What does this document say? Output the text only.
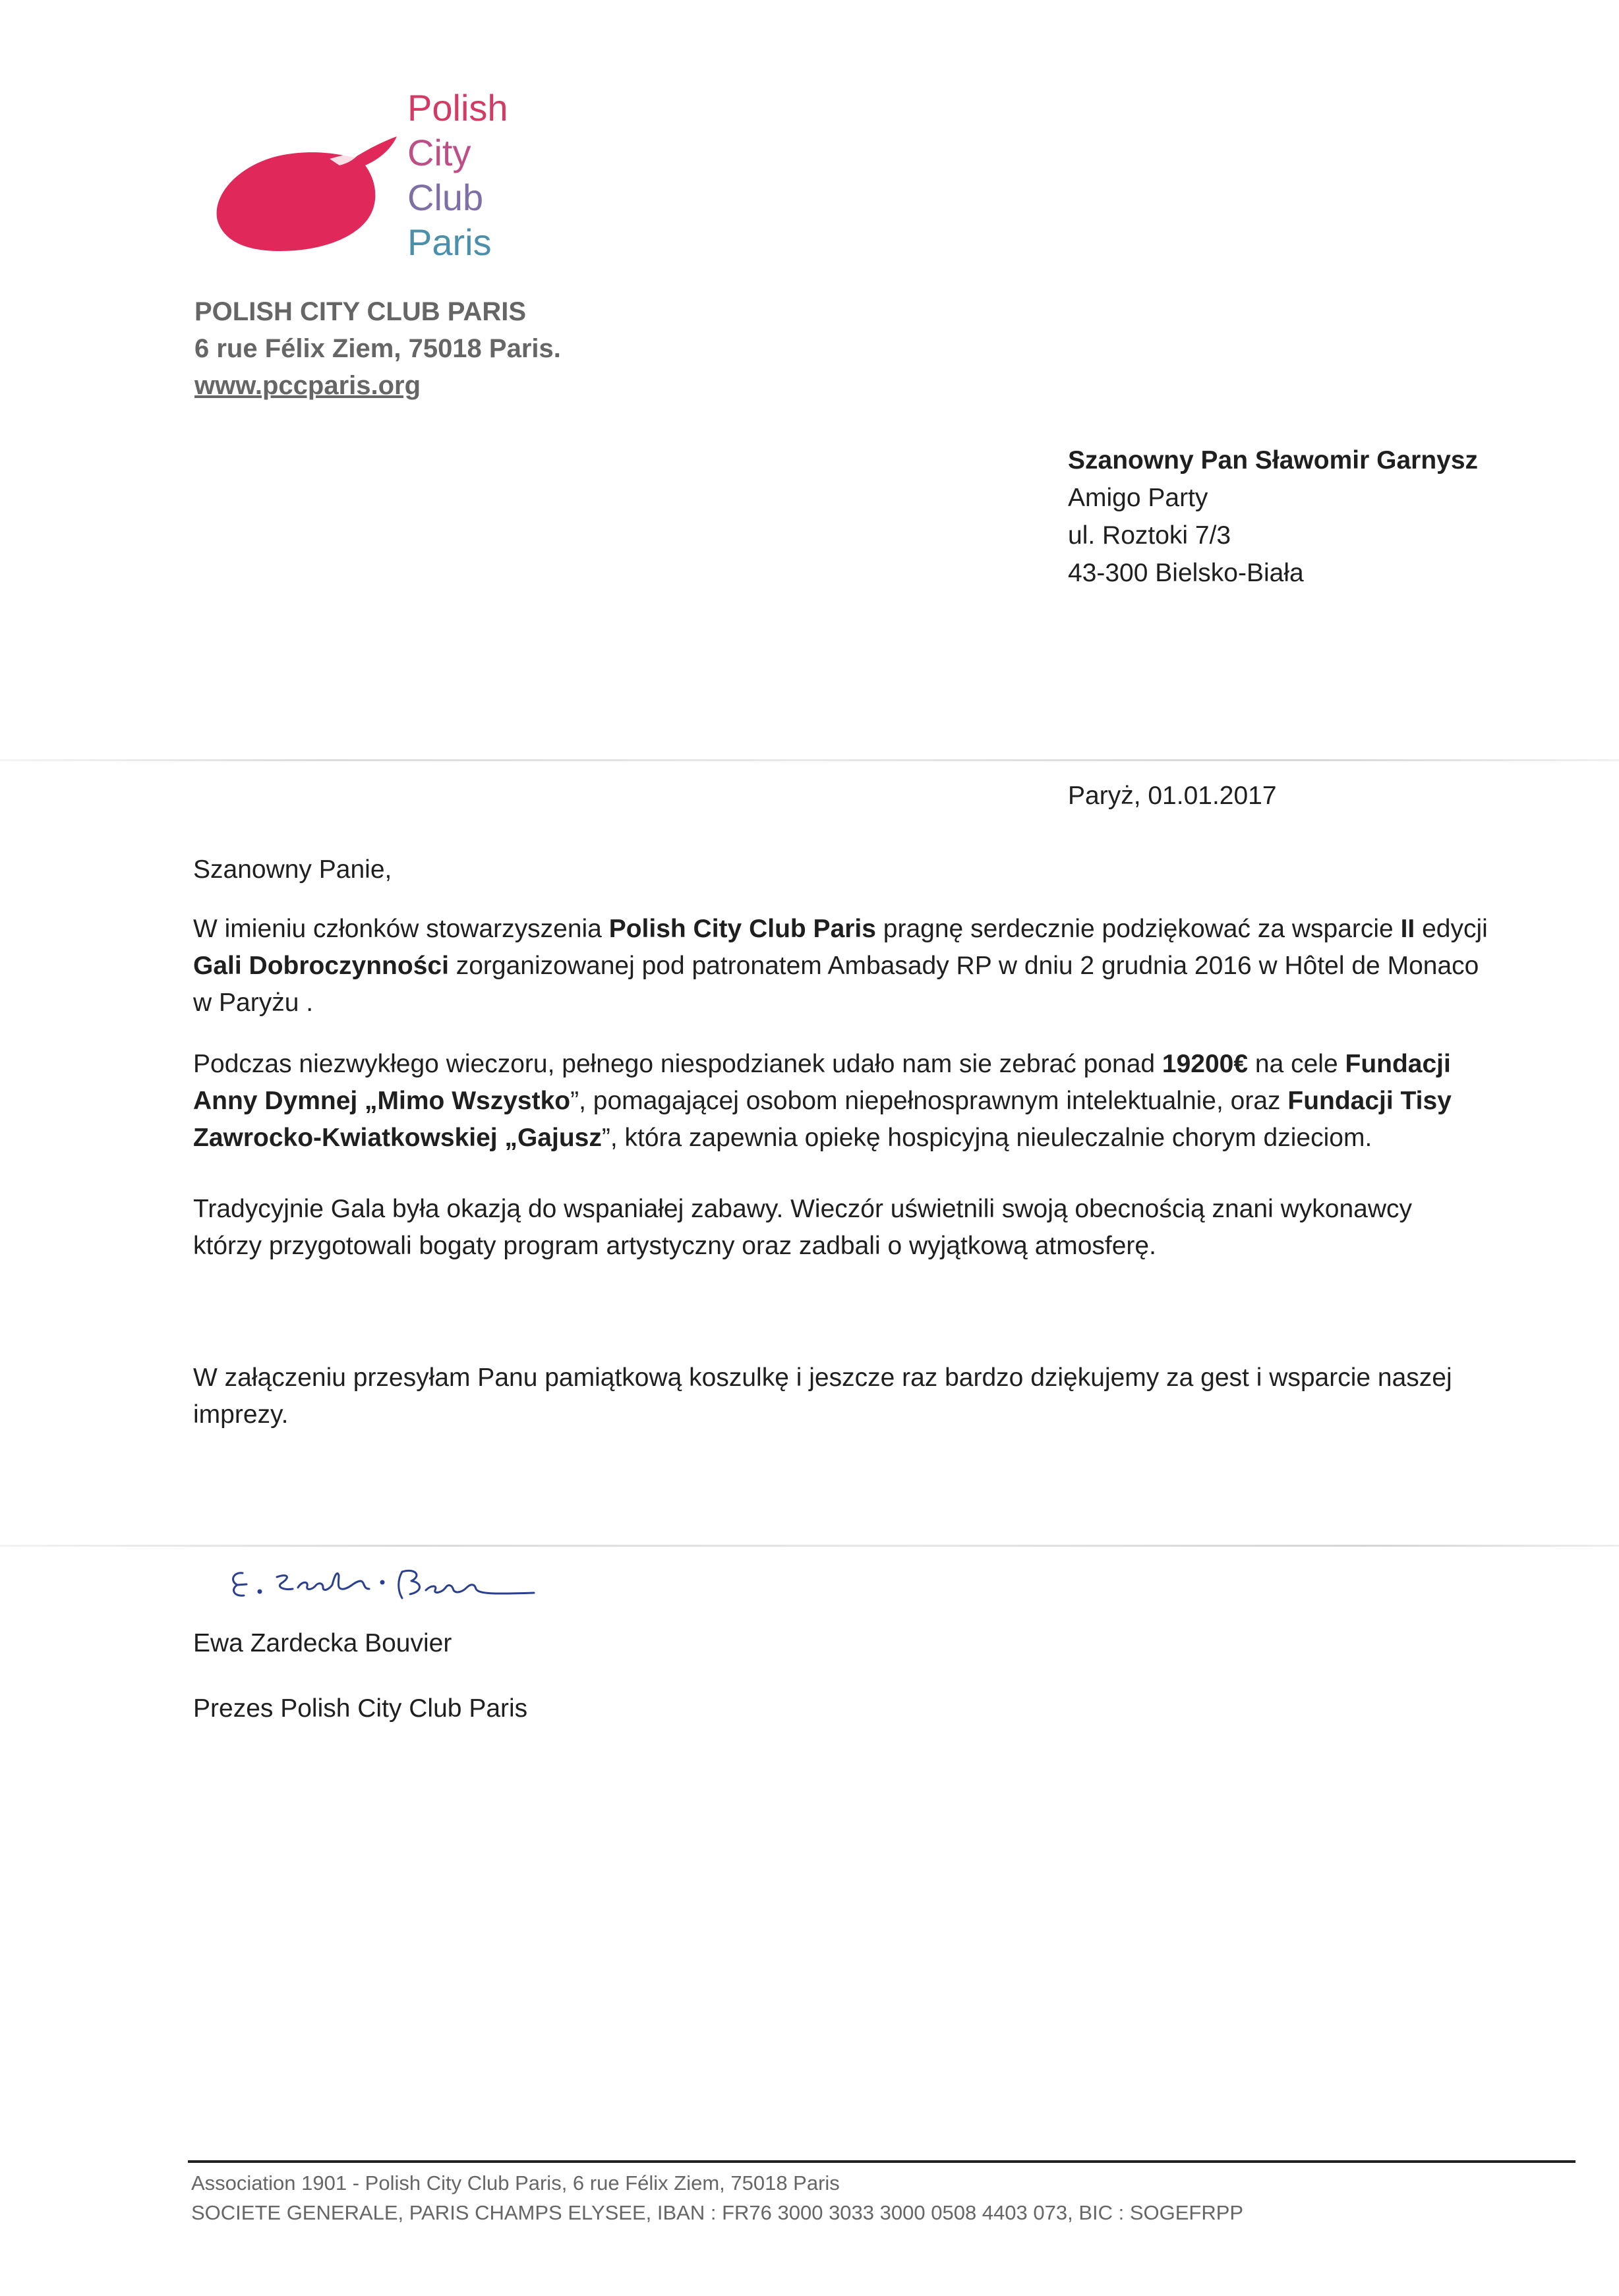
Polish
City
Club
Paris
POLISH CITY CLUB PARIS
6 rue Félix Ziem, 75018 Paris.
www.pccparis.org
Szanowny Pan Sławomir Garnysz
Amigo Party
ul. Roztoki 7/3
43-300 Bielsko-Biała
Paryż, 01.01.2017
Szanowny Panie,
W imieniu członków stowarzyszenia Polish City Club Paris pragnę serdecznie podziękować za wsparcie II edycji
Gali Dobroczynności zorganizowanej pod patronatem Ambasady RP w dniu 2 grudnia 2016 w Hôtel de Monaco
w Paryżu .
Podczas niezwykłego wieczoru, pełnego niespodzianek udało nam sie zebrać ponad 19200€ na cele Fundacji
Anny Dymnej „Mimo Wszystko”, pomagającej osobom niepełnosprawnym intelektualnie, oraz Fundacji Tisy
Zawrocko-Kwiatkowskiej „Gajusz”, która zapewnia opiekę hospicyjną nieuleczalnie chorym dzieciom.
Tradycyjnie Gala była okazją do wspaniałej zabawy. Wieczór uświetnili swoją obecnością znani wykonawcy
którzy przygotowali bogaty program artystyczny oraz zadbali o wyjątkową atmosferę.
W załączeniu przesyłam Panu pamiątkową koszulkę i jeszcze raz bardzo dziękujemy za gest i wsparcie naszej
imprezy.
Ewa Zardecka Bouvier
Prezes Polish City Club Paris
Association 1901 - Polish City Club Paris, 6 rue Félix Ziem, 75018 Paris
SOCIETE GENERALE, PARIS CHAMPS ELYSEE, IBAN : FR76 3000 3033 3000 0508 4403 073, BIC : SOGEFRPP
